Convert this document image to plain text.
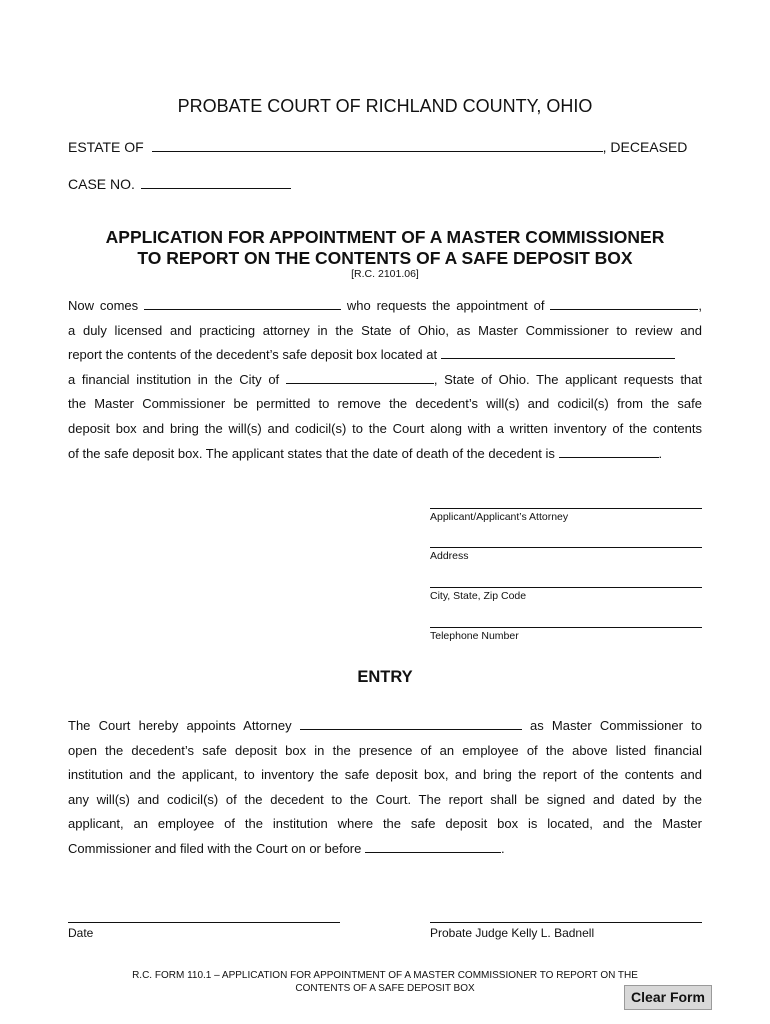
PROBATE COURT OF RICHLAND COUNTY, OHIO
ESTATE OF	, DECEASED
CASE NO.
APPLICATION FOR APPOINTMENT OF A MASTER COMMISSIONER
TO REPORT ON THE CONTENTS OF A SAFE DEPOSIT BOX
[R.C. 2101.06]
Now comes	who requests the appointment of	,
a duly licensed and practicing attorney in the State of Ohio, as Master Commissioner to review and
report the contents of the decedent’s safe deposit box located at
a financial institution in the City of	, State of Ohio. The applicant requests that
the Master Commissioner be permitted to remove the decedent’s will(s) and codicil(s) from the safe
deposit box and bring the will(s) and codicil(s) to the Court along with a written inventory of the contents
of the safe deposit box. The applicant states that the date of death of the decedent is	.
Applicant/Applicant’s Attorney
Address
City, State, Zip Code
Telephone Number
ENTRY
The Court hereby appoints Attorney	as Master Commissioner to
open the decedent’s safe deposit box in the presence of an employee of the above listed financial
institution and the applicant, to inventory the safe deposit box, and bring the report of the contents and
any will(s) and codicil(s) of the decedent to the Court. The report shall be signed and dated by the
applicant, an employee of the institution where the safe deposit box is located, and the Master
Commissioner and filed with the Court on or before	.
Date	Probate Judge Kelly L. Badnell
R.C. FORM 110.1 – APPLICATION FOR APPOINTMENT OF A MASTER COMMISSIONER TO REPORT ON THE
CONTENTS OF A SAFE DEPOSIT BOX
Clear Form
